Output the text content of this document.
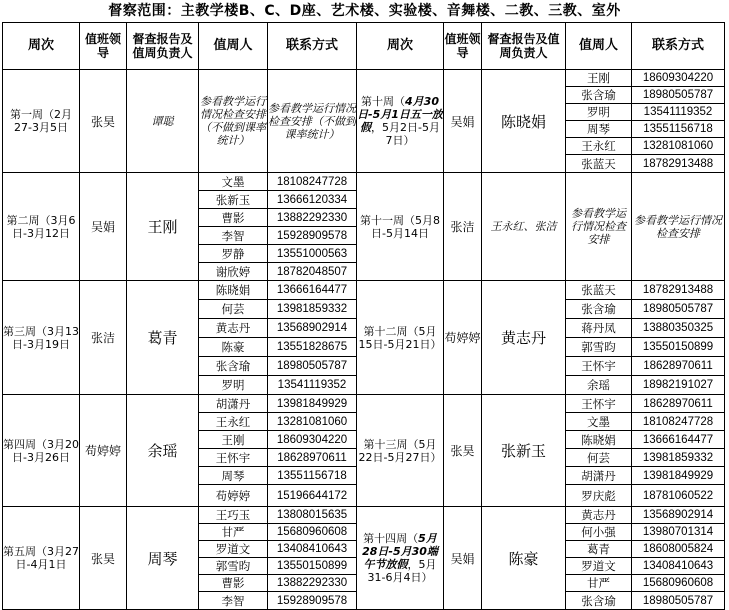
督察范围：主教学楼B、C、D座、艺术楼、实验楼、音舞楼、二教、三教、室外
周次	值班领导	督查报告及值周负责人	值周人	联系方式	周次	值班领导	督查报告及值周负责人	值周人	联系方式
第一周（2月27-3月5日	张昊	谭聪	参看教学运行情况检查安排（不做到课率统计）	参看教学运行情况检查安排（不做到课率统计）	第十周（4月30日-5月1日五一放假，5月2日-5月7日）	吴娟	陈晓娟	王刚	18609304220
								张含瑜	18980505787
								罗明	13541119352
								周琴	13551156718
								王永红	13281081060
								张蓝天	18782913488
第二周（3月6日-3月12日	吴娟	王刚	文墨	18108247728	第十一周（5月8日-5月14日	张洁	王永红、张洁	参看教学运行情况检查安排	参看教学运行情况检查安排
			张新玉	13666120334					
			曹影	13882292330					
			李智	15928909578					
			罗静	13551000563					
			谢欣婷	18782048507					
第三周（3月13日-3月19日	张洁	葛青	陈晓娟	13666164477	第十二周（5月15日-5月21日）	苟婷婷	黄志丹	张蓝天	18782913488
			何芸	13981859332				张含瑜	18980505787
			黄志丹	13568902914				蒋丹凤	13880350325
			陈豪	13551828675				郭雪昀	13550150899
			张含瑜	18980505787				王怀宇	18628970611
			罗明	13541119352				余瑶	18982191027
第四周（3月20日-3月26日	苟婷婷	余瑶	胡潇丹	13981849929	第十三周（5月22日-5月27日）	张昊	张新玉	王怀宇	18628970611
			王永红	13281081060				文墨	18108247728
			王刚	18609304220				陈晓娟	13666164477
			王怀宇	18628970611				何芸	13981859332
			周琴	13551156718				胡潇丹	13981849929
			苟婷婷	15196644172				罗庆彪	18781060522
第五周（3月27日-4月1日	张昊	周琴	王巧玉	13808015635	第十四周（5月28日-5月30端午节放假，5月31-6月4日）	吴娟	陈豪	黄志丹	13568902914
			甘严	15680960608				何小强	13980701314
			罗道文	13408410643				葛青	18608005824
			郭雪昀	13550150899				罗道文	13408410643
			曹影	13882292330				甘严	15680960608
			李智	15928909578				张含瑜	18980505787
